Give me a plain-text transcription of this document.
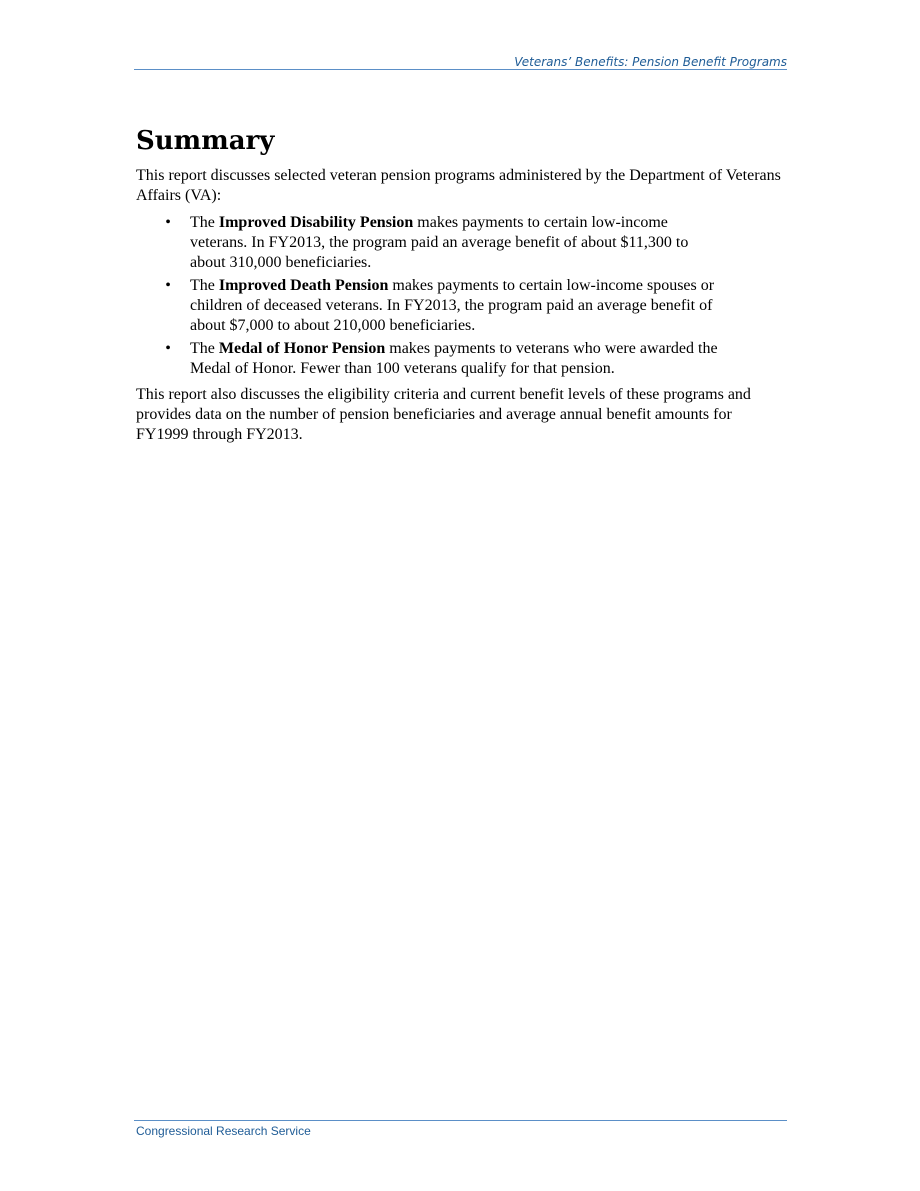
Veterans’ Benefits: Pension Benefit Programs
Summary

This report discusses selected veteran pension programs administered by the Department of Veterans Affairs (VA):

• The Improved Disability Pension makes payments to certain low-income veterans. In FY2013, the program paid an average benefit of about $11,300 to about 310,000 beneficiaries.
• The Improved Death Pension makes payments to certain low-income spouses or children of deceased veterans. In FY2013, the program paid an average benefit of about $7,000 to about 210,000 beneficiaries.
• The Medal of Honor Pension makes payments to veterans who were awarded the Medal of Honor. Fewer than 100 veterans qualify for that pension.

This report also discusses the eligibility criteria and current benefit levels of these programs and provides data on the number of pension beneficiaries and average annual benefit amounts for FY1999 through FY2013.

Congressional Research Service
